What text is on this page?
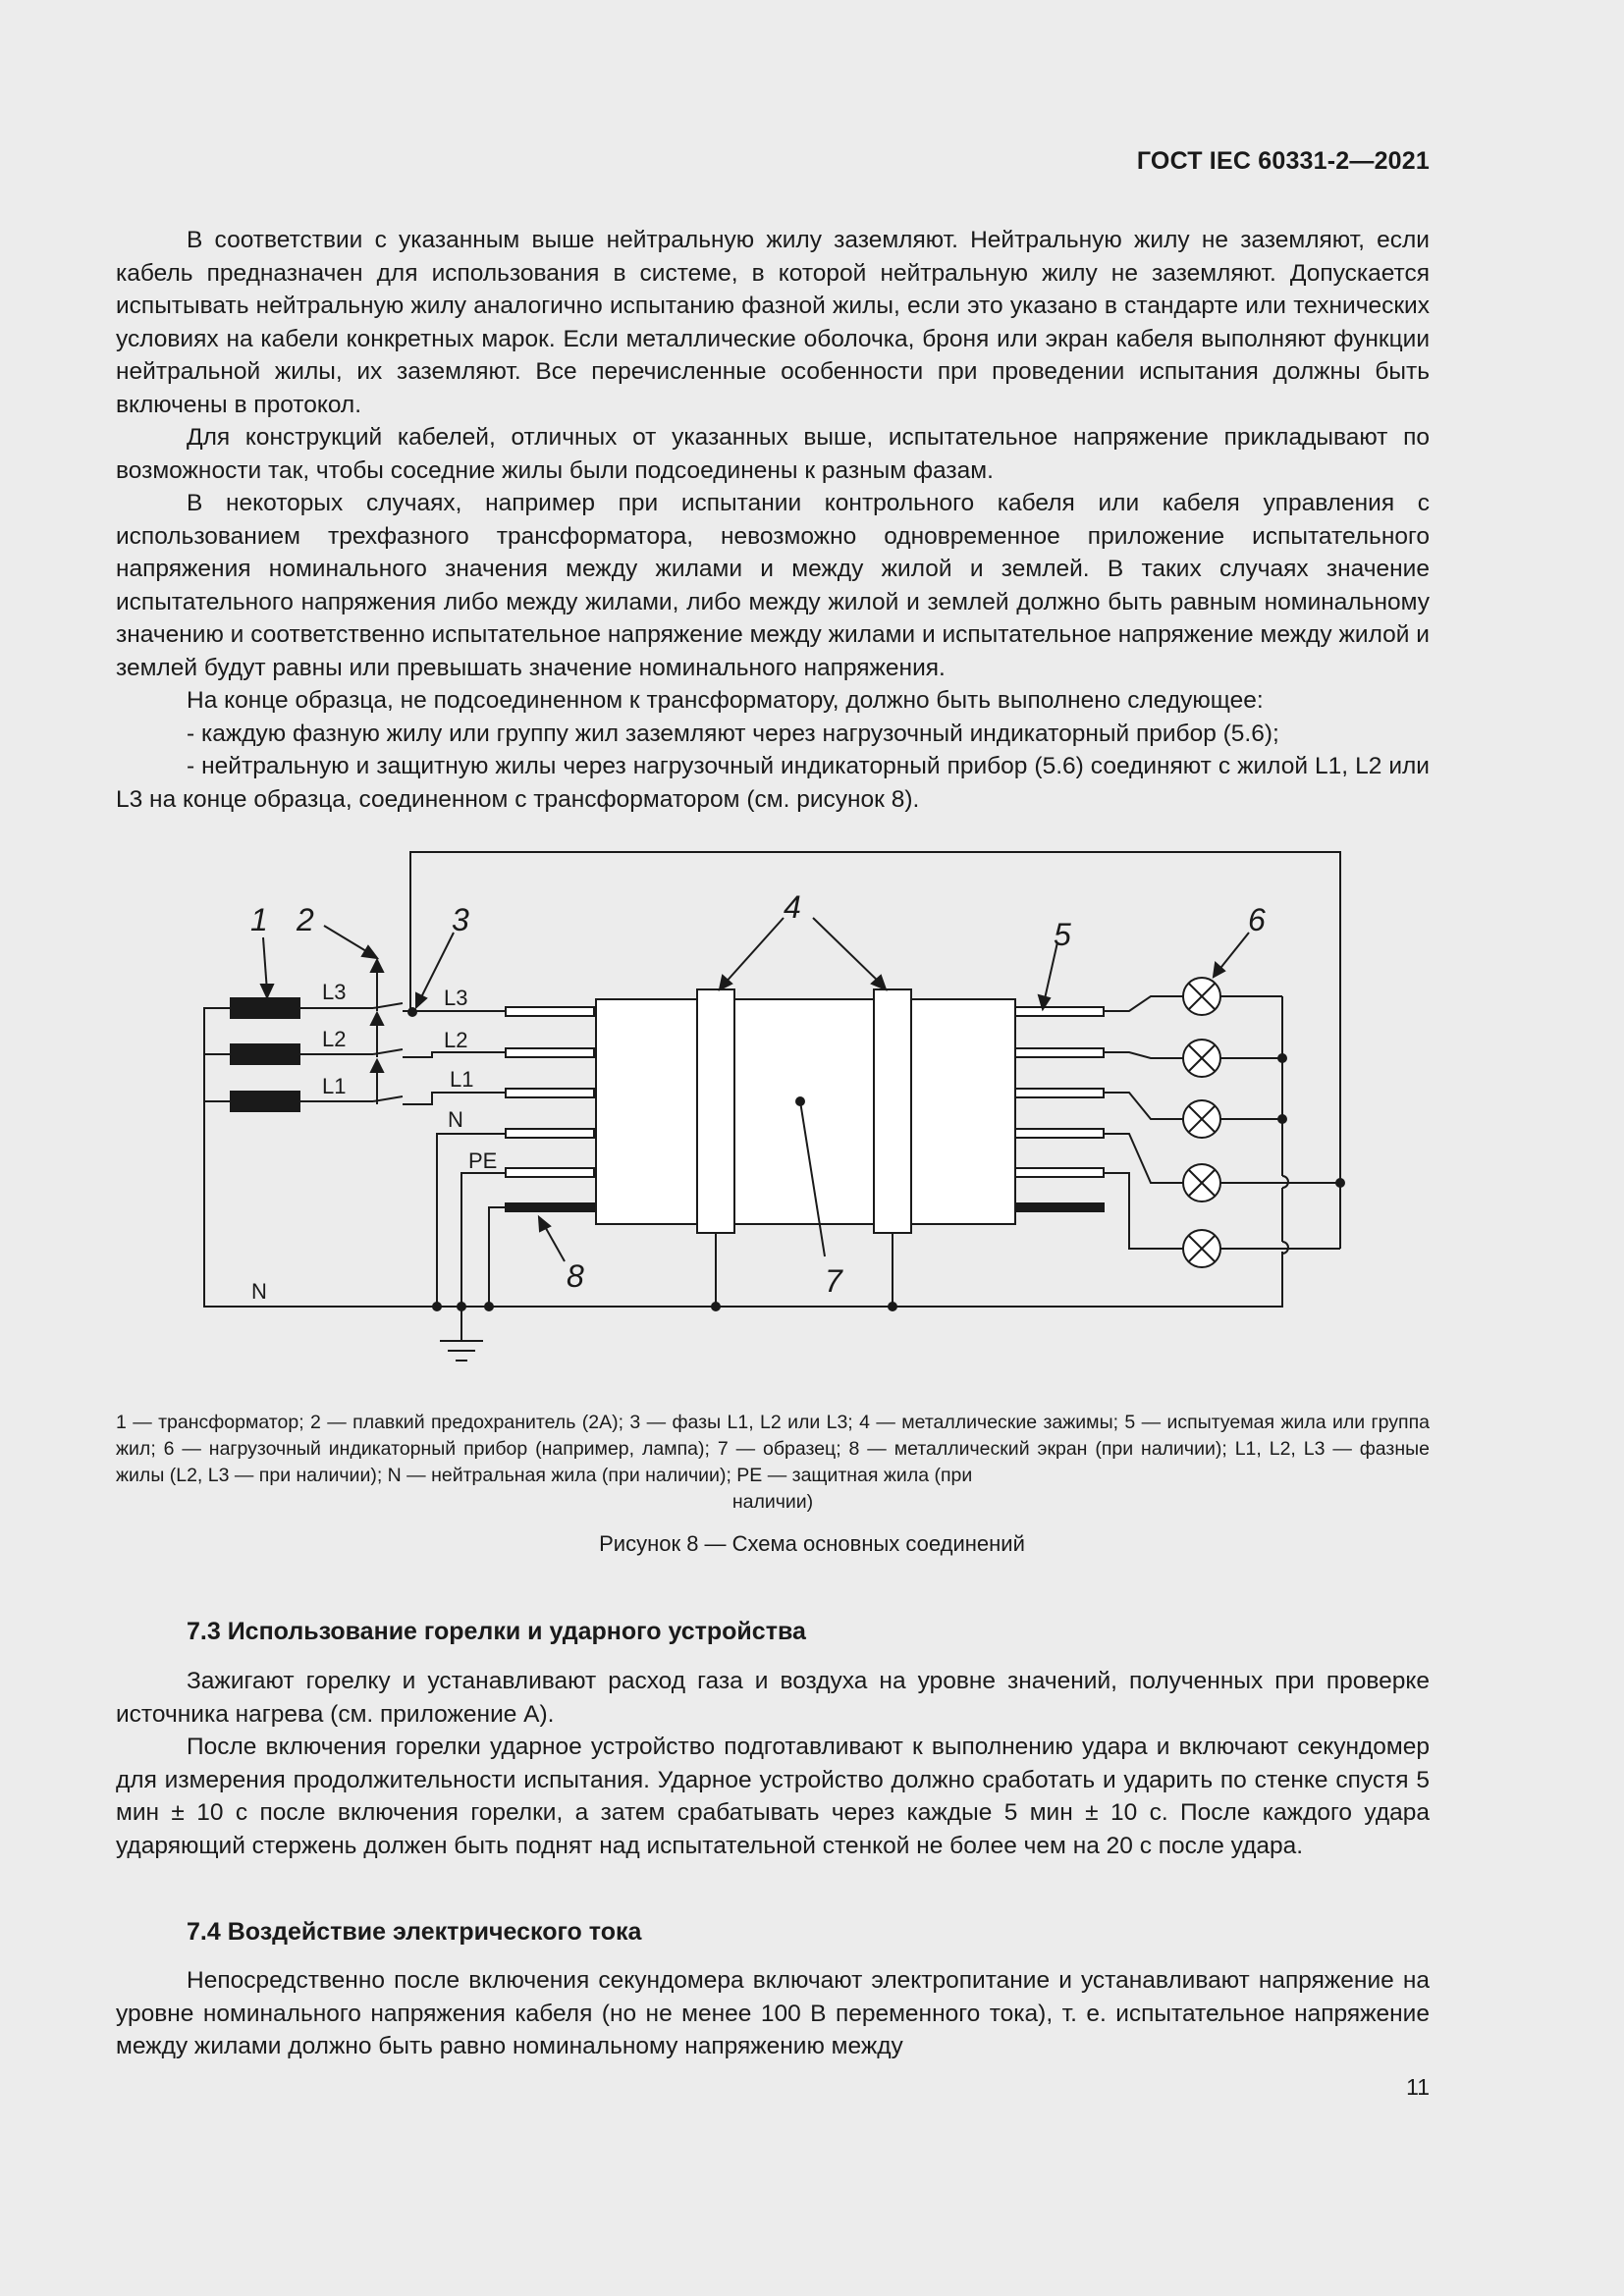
ГОСТ IEC 60331-2—2021

В соответствии с указанным выше нейтральную жилу заземляют. Нейтральную жилу не заземляют, если кабель предназначен для использования в системе, в которой нейтральную жилу не заземляют. Допускается испытывать нейтральную жилу аналогично испытанию фазной жилы, если это указано в стандарте или технических условиях на кабели конкретных марок. Если металлические оболочка, броня или экран кабеля выполняют функции нейтральной жилы, их заземляют. Все перечисленные особенности при проведении испытания должны быть включены в протокол.

Для конструкций кабелей, отличных от указанных выше, испытательное напряжение прикладывают по возможности так, чтобы соседние жилы были подсоединены к разным фазам.

В некоторых случаях, например при испытании контрольного кабеля или кабеля управления с использованием трехфазного трансформатора, невозможно одновременное приложение испытательного напряжения номинального значения между жилами и между жилой и землей. В таких случаях значение испытательного напряжения либо между жилами, либо между жилой и землей должно быть равным номинальному значению и соответственно испытательное напряжение между жилами и испытательное напряжение между жилой и землей будут равны или превышать значение номинального напряжения.

На конце образца, не подсоединенном к трансформатору, должно быть выполнено следующее:

- каждую фазную жилу или группу жил заземляют через нагрузочный индикаторный прибор (5.6);

- нейтральную и защитную жилы через нагрузочный индикаторный прибор (5.6) соединяют с жилой L1, L2 или L3 на конце образца, соединенном с трансформатором (см. рисунок 8).

1 2	3	4
5	6
7
8
L3
L2
L1
L3
L2
L1
N
PE
N
1 — трансформатор; 2 — плавкий предохранитель (2А); 3 — фазы L1, L2 или L3; 4 — металлические зажимы; 5 — испытуемая жила или группа жил; 6 — нагрузочный индикаторный прибор (например, лампа); 7 — образец; 8 — металлический экран (при наличии); L1, L2, L3 — фазные жилы (L2, L3 — при наличии); N — нейтральная жила (при наличии); PE — защитная жила (при
наличии)
Рисунок 8 — Схема основных соединений
7.3 Использование горелки и ударного устройства

Зажигают горелку и устанавливают расход газа и воздуха на уровне значений, полученных при проверке источника нагрева (см. приложение А).

После включения горелки ударное устройство подготавливают к выполнению удара и включают секундомер для измерения продолжительности испытания. Ударное устройство должно сработать и ударить по стенке спустя 5 мин ± 10 с после включения горелки, а затем срабатывать через каждые 5 мин ± 10 с. После каждого удара ударяющий стержень должен быть поднят над испытательной стенкой не более чем на 20 с после удара.

7.4 Воздействие электрического тока

Непосредственно после включения секундомера включают электропитание и устанавливают напряжение на уровне номинального напряжения кабеля (но не менее 100 В переменного тока), т. е. испытательное напряжение между жилами должно быть равно номинальному напряжению между

11
